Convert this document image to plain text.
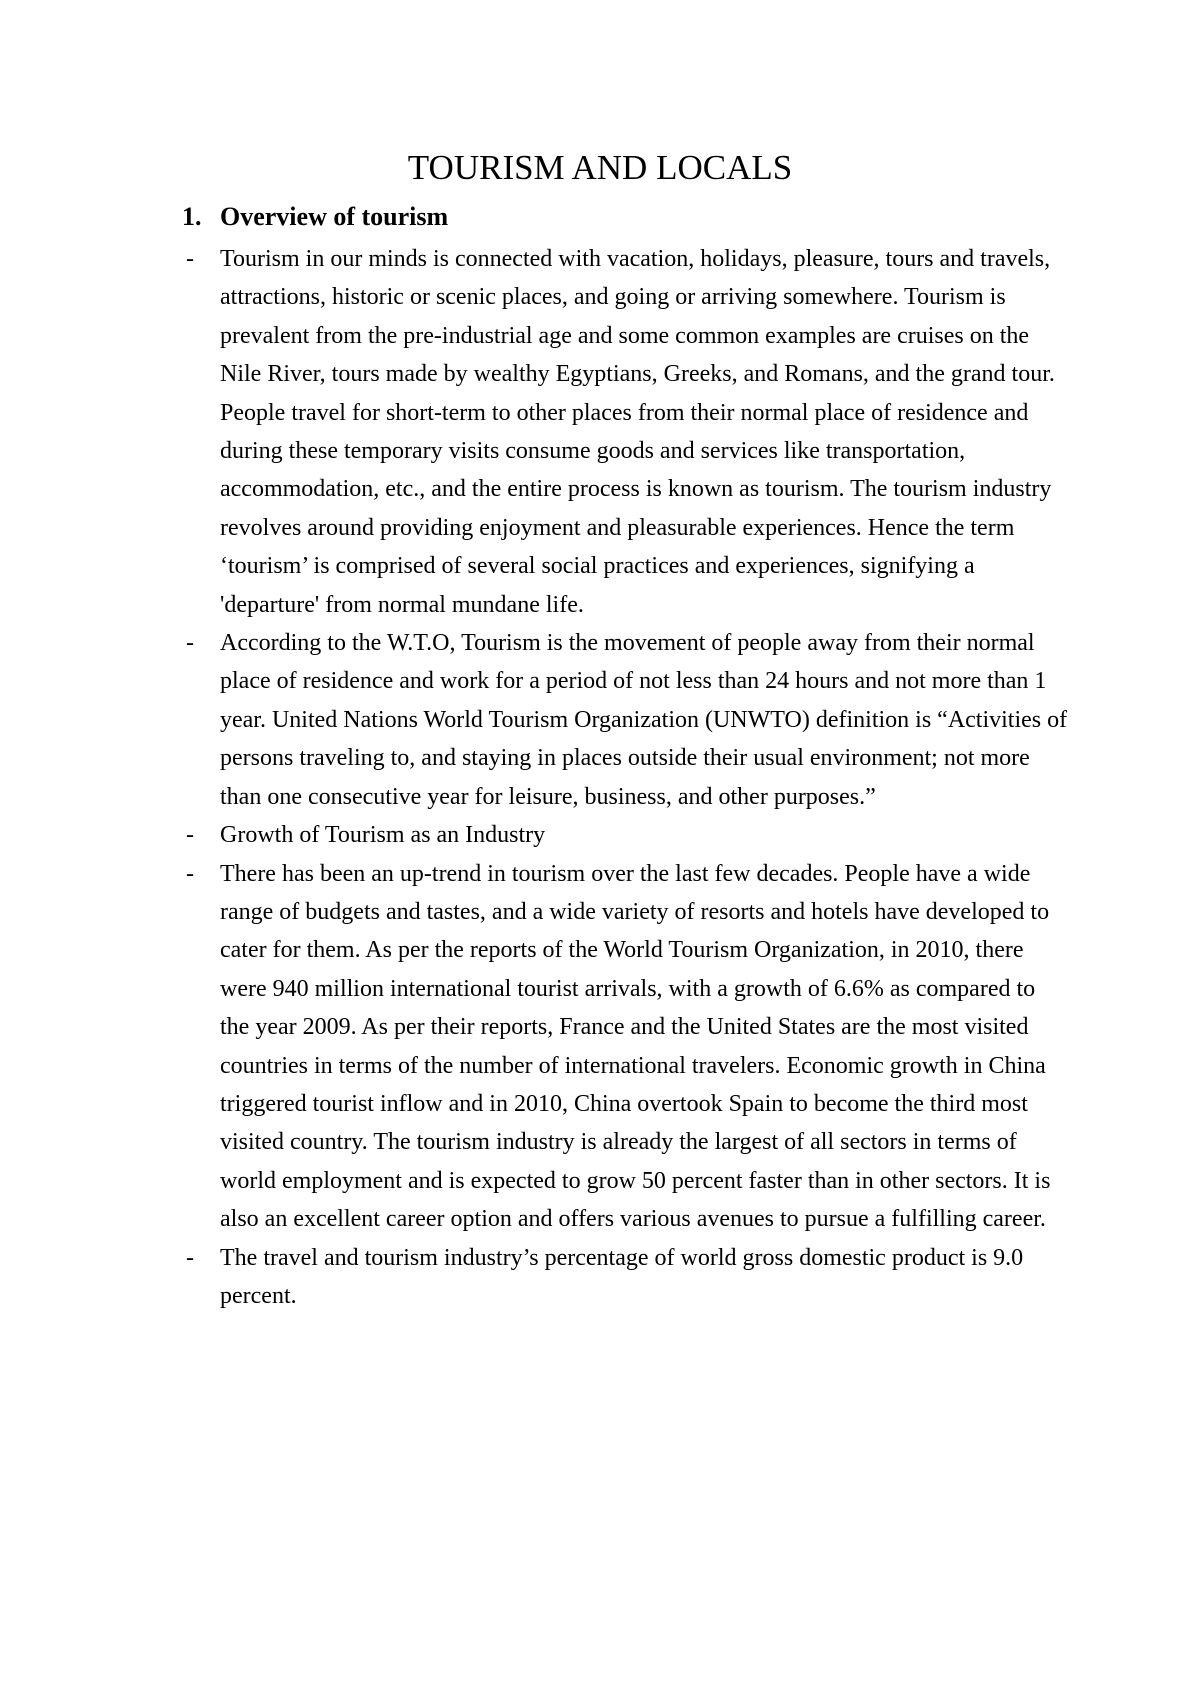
TOURISM AND LOCALS
1. Overview of tourism
- Tourism in our minds is connected with vacation, holidays, pleasure, tours and travels, attractions, historic or scenic places, and going or arriving somewhere. Tourism is prevalent from the pre-industrial age and some common examples are cruises on the Nile River, tours made by wealthy Egyptians, Greeks, and Romans, and the grand tour. People travel for short-term to other places from their normal place of residence and during these temporary visits consume goods and services like transportation, accommodation, etc., and the entire process is known as tourism. The tourism industry revolves around providing enjoyment and pleasurable experiences. Hence the term ‘tourism’ is comprised of several social practices and experiences, signifying a 'departure' from normal mundane life.
- According to the W.T.O, Tourism is the movement of people away from their normal place of residence and work for a period of not less than 24 hours and not more than 1 year. United Nations World Tourism Organization (UNWTO) definition is “Activities of persons traveling to, and staying in places outside their usual environment; not more than one consecutive year for leisure, business, and other purposes.”
- Growth of Tourism as an Industry
- There has been an up-trend in tourism over the last few decades. People have a wide range of budgets and tastes, and a wide variety of resorts and hotels have developed to cater for them. As per the reports of the World Tourism Organization, in 2010, there were 940 million international tourist arrivals, with a growth of 6.6% as compared to the year 2009. As per their reports, France and the United States are the most visited countries in terms of the number of international travelers. Economic growth in China triggered tourist inflow and in 2010, China overtook Spain to become the third most visited country. The tourism industry is already the largest of all sectors in terms of world employment and is expected to grow 50 percent faster than in other sectors. It is also an excellent career option and offers various avenues to pursue a fulfilling career.
- The travel and tourism industry’s percentage of world gross domestic product is 9.0 percent.
